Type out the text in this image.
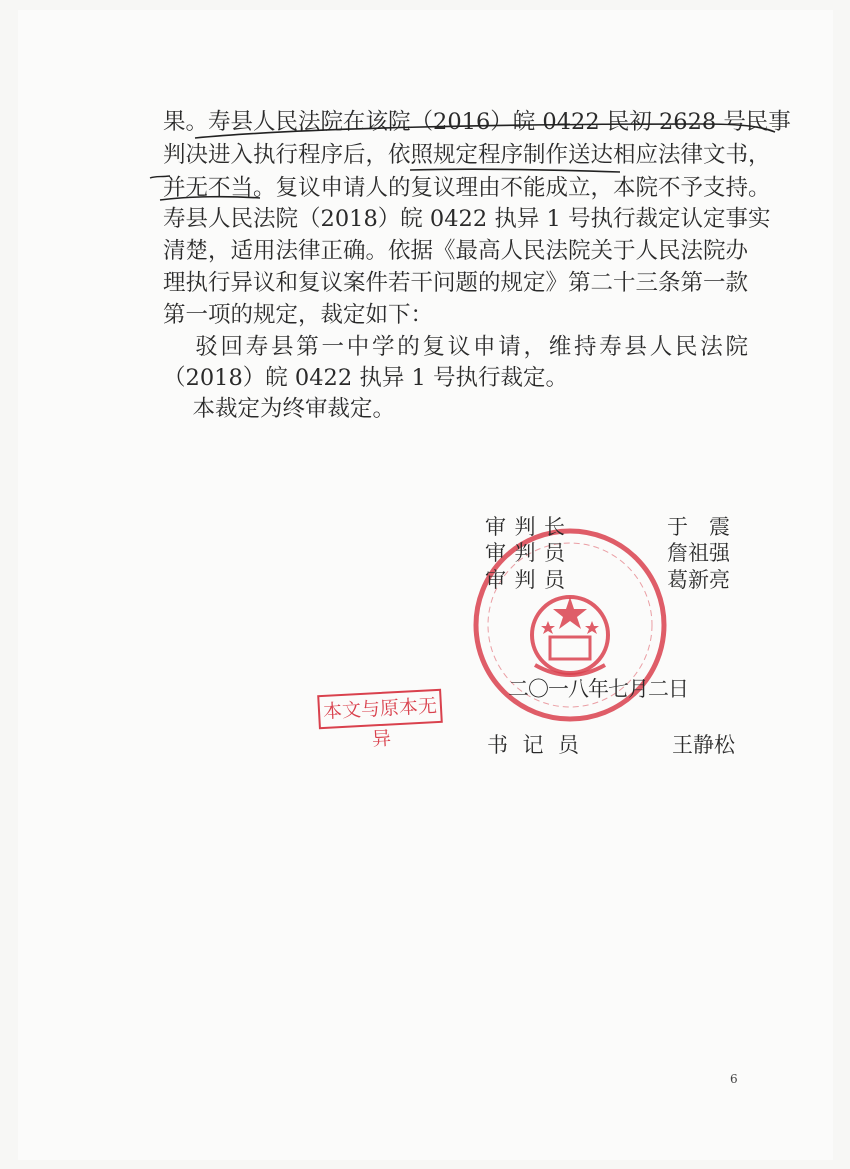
果。寿县人民法院在该院（2016）皖 0422 民初 2628 号民事
判决进入执行程序后，依照规定程序制作送达相应法律文书，
并无不当。复议申请人的复议理由不能成立，本院不予支持。
寿县人民法院（2018）皖 0422 执异 1 号执行裁定认定事实
清楚，适用法律正确。依据《最高人民法院关于人民法院办
理执行异议和复议案件若干问题的规定》第二十三条第一款
第一项的规定，裁定如下：
　驳回寿县第一中学的复议申请，维持寿县人民法院
（2018）皖 0422 执异 1 号执行裁定。
　本裁定为终审裁定。
审判长	于　震
审判员	詹祖强
审判员	葛新亮
二〇一八年七月二日
书记员	王静松
本文与原本无异
6
